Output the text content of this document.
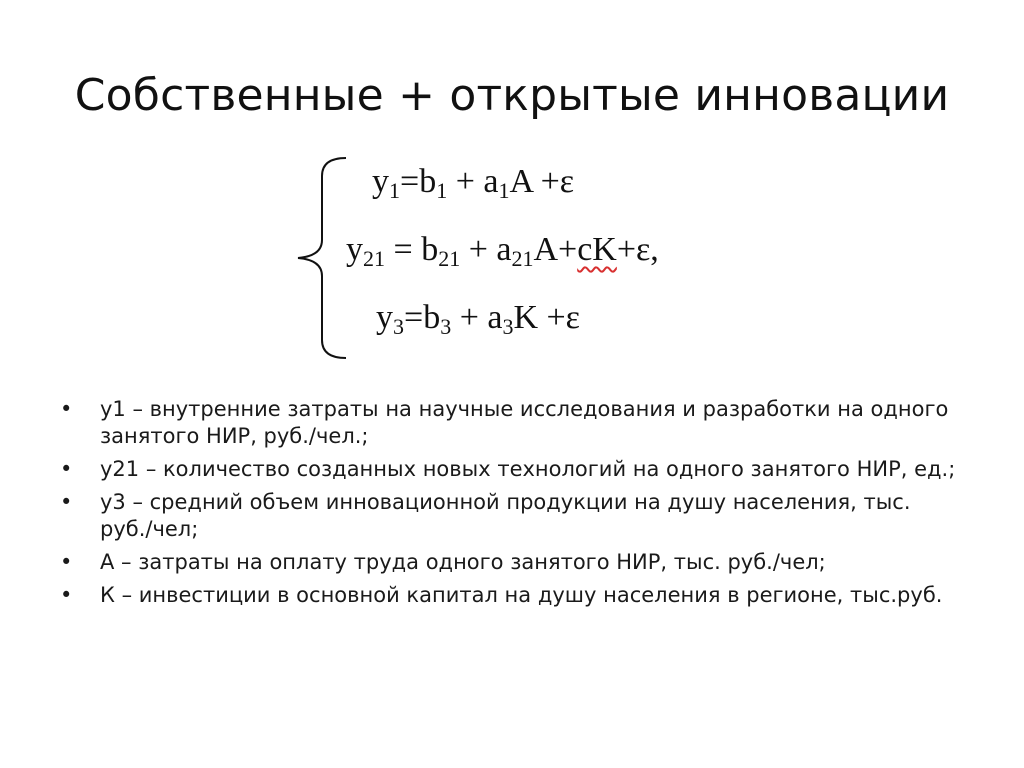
Собственные + открытые инновации
$y_1=b_1 + a_1A +\varepsilon$
$y_{21} = b_{21} + a_{21}A+cK+\varepsilon$,
$y_3=b_3 + a_3K +\varepsilon$
•	y1 – внутренние затраты на научные исследования и разработки на одного занятого НИР, руб./чел.;
•	y21 – количество созданных новых технологий на одного занятого НИР, ед.;
•	y3 – средний объем инновационной продукции на душу населения, тыс. руб./чел;
•	А – затраты на оплату труда одного занятого НИР, тыс. руб./чел;
•	К – инвестиции в основной капитал на душу населения в регионе, тыс.руб.
